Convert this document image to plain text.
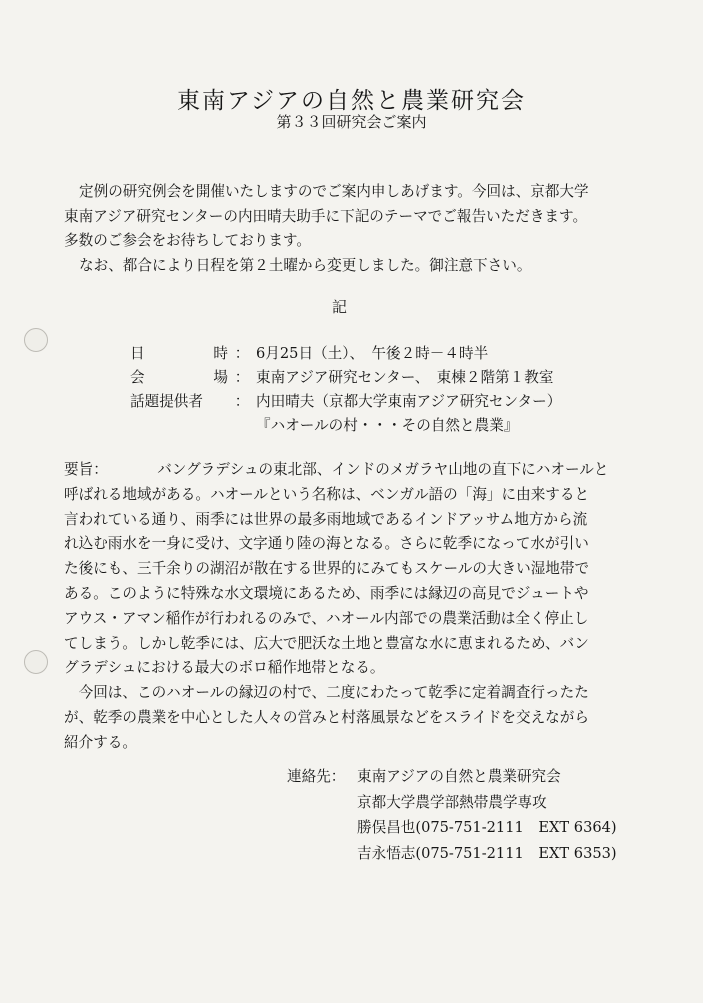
東南アジアの自然と農業研究会
第３３回研究会ご案内

定例の研究例会を開催いたしますのでご案内申しあげます。今回は、京都大学

東南アジア研究センターの内田晴夫助手に下記のテーマでご報告いただきます。

多数のご参会をお待ちしております。

なお、都合により日程を第２土曜から変更しました。御注意下さい。

記
日	時 ： 6月25日（土）、　午後２時－４時半
会	場 ： 東南アジア研究センター、　東棟２階第１教室
話題提供者	： 内田晴夫（京都大学東南アジア研究センター）
『ハオールの村・・・その自然と農業』

要旨：　　バングラデシュの東北部、インドのメガラヤ山地の直下にハオールと

呼ばれる地域がある。ハオールという名称は、ベンガル語の「海」に由来すると

言われている通り、雨季には世界の最多雨地域であるインドアッサム地方から流

れ込む雨水を一身に受け、文字通り陸の海となる。さらに乾季になって水が引い

た後にも、三千余りの湖沼が散在する世界的にみてもスケールの大きい湿地帯で

ある。このように特殊な水文環境にあるため、雨季には縁辺の高見でジュートや

アウス・アマン稲作が行われるのみで、ハオール内部での農業活動は全く停止し

てしまう。しかし乾季には、広大で肥沃な土地と豊富な水に恵まれるため、バン

グラデシュにおける最大のボロ稲作地帯となる。

　今回は、このハオールの縁辺の村で、二度にわたって乾季に定着調査行ったた

が、乾季の農業を中心とした人々の営みと村落風景などをスライドを交えながら

紹介する。

連絡先： 東南アジアの自然と農業研究会
京都大学農学部熱帯農学専攻
勝俣昌也(075-751-2111　EXT 6364)
吉永悟志(075-751-2111　EXT 6353)
